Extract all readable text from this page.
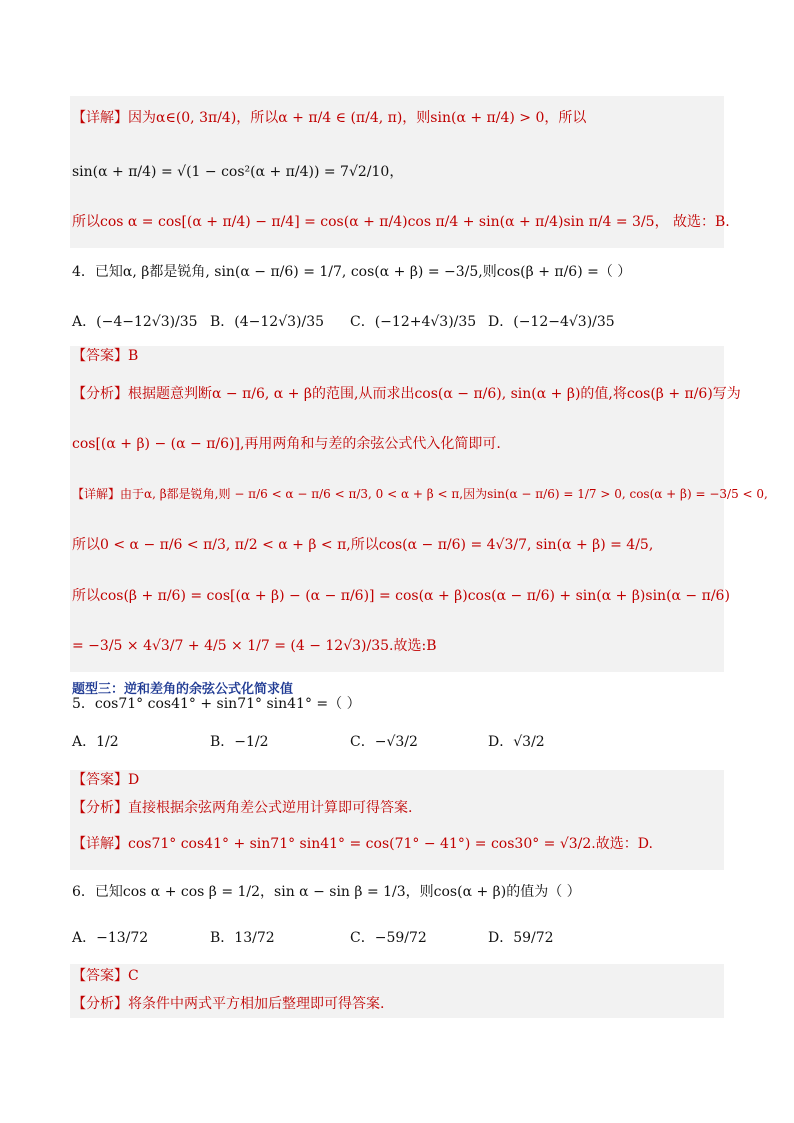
【详解】因为α∈(0, 3π/4)，所以α + π/4 ∈ (π/4, π)，则sin(α + π/4) > 0，所以
sin(α + π/4) = √(1 − cos²(α + π/4)) = 7√2/10，
所以cos α = cos[(α + π/4) − π/4] = cos(α + π/4)cos π/4 + sin(α + π/4)sin π/4 = 3/5， 故选：B.
4．已知α, β都是锐角, sin(α − π/6) = 1/7, cos(α + β) = −3/5,则cos(β + π/6) =（ ）
A．(−4−12√3)/35 B．(4−12√3)/35 C．(−12+4√3)/35 D．(−12−4√3)/35
【答案】B
【分析】根据题意判断α − π/6, α + β的范围,从而求出cos(α − π/6), sin(α + β)的值,将cos(β + π/6)写为
cos[(α + β) − (α − π/6)],再用两角和与差的余弦公式代入化简即可.
【详解】由于α, β都是锐角,则 − π/6 < α − π/6 < π/3, 0 < α + β < π,因为sin(α − π/6) = 1/7 > 0, cos(α + β) = −3/5 < 0,
所以0 < α − π/6 < π/3, π/2 < α + β < π,所以cos(α − π/6) = 4√3/7, sin(α + β) = 4/5,
所以cos(β + π/6) = cos[(α + β) − (α − π/6)] = cos(α + β)cos(α − π/6) + sin(α + β)sin(α − π/6)
= −3/5 × 4√3/7 + 4/5 × 1/7 = (4 − 12√3)/35.故选:B
题型三：逆和差角的余弦公式化简求值
5．cos71° cos41° + sin71° sin41° =（ ）
A．1/2	B．−1/2	C．−√3/2	D．√3/2
【答案】D
【分析】直接根据余弦两角差公式逆用计算即可得答案.
【详解】cos71° cos41° + sin71° sin41° = cos(71° − 41°) = cos30° = √3/2.故选：D.
6．已知cos α + cos β = 1/2，sin α − sin β = 1/3，则cos(α + β)的值为（ ）
A．−13/72	B．13/72	C．−59/72	D．59/72
【答案】C
【分析】将条件中两式平方相加后整理即可得答案.
